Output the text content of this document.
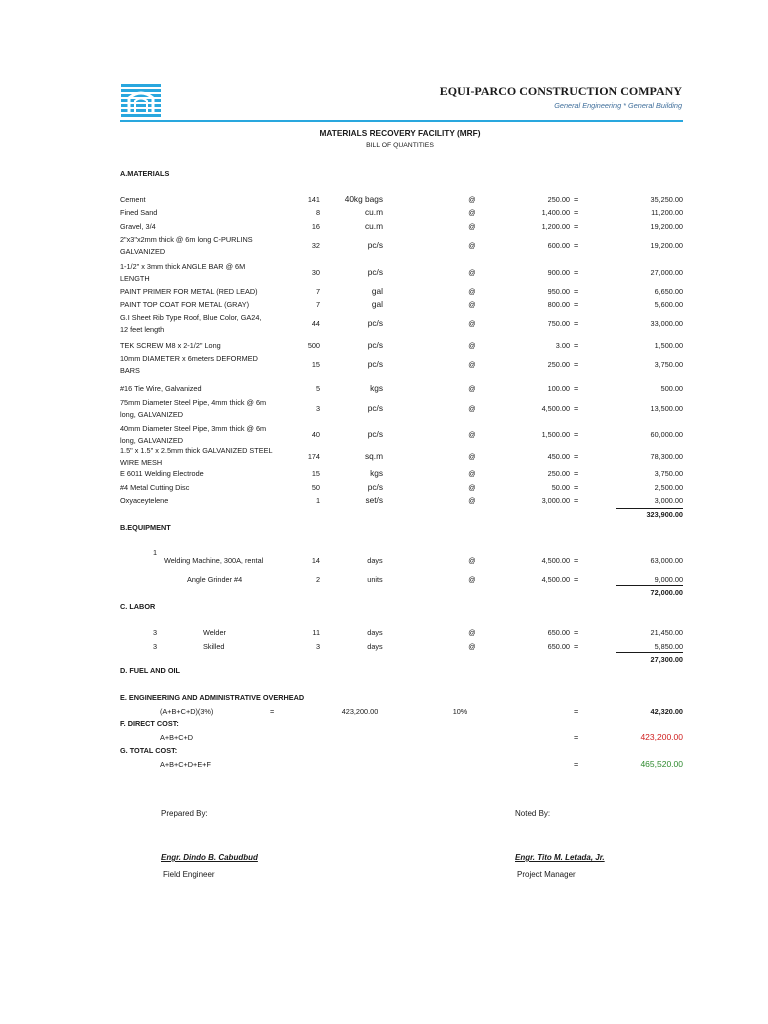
EQUI-PARCO CONSTRUCTION COMPANY
General Engineering * General Building
MATERIALS RECOVERY FACILITY (MRF)
BILL OF QUANTITIES
A.MATERIALS
Cement	141	40kg bags	@	250.00 =	35,250.00
Fined Sand	8	cu.m	@	1,400.00 =	11,200.00
Gravel, 3/4	16	cu.m	@	1,200.00 =	19,200.00
2"x3"x2mm thick @ 6m long C-PURLINS
GALVANIZED
32	pc/s	@	600.00 =	19,200.00
1-1/2" x 3mm thick ANGLE BAR @ 6M
LENGTH
30	pc/s	@	900.00 =	27,000.00
PAINT PRIMER FOR METAL (RED LEAD)	7	gal	@	950.00 =	6,650.00
PAINT TOP COAT FOR METAL (GRAY)	7	gal	@	800.00 =	5,600.00
G.I Sheet Rib Type Roof, Blue Color, GA24,
12 feet length
44	pc/s	@	750.00 =	33,000.00
TEK SCREW M8 x 2-1/2" Long	500	pc/s	@	3.00 =	1,500.00
10mm DIAMETER x 6meters DEFORMED
BARS
15	pc/s	@	250.00 =	3,750.00
#16 Tie Wire, Galvanized	5	kgs	@	100.00 =	500.00
75mm Diameter Steel Pipe, 4mm thick @ 6m
long, GALVANIZED
3	pc/s	@	4,500.00 =	13,500.00
40mm Diameter Steel Pipe, 3mm thick @ 6m
long, GALVANIZED
40	pc/s	@	1,500.00 =	60,000.00
1.5" x 1.5" x 2.5mm thick GALVANIZED STEEL
WIRE MESH
174	sq.m	@	450.00 =	78,300.00
E 6011 Welding Electrode	15	kgs	@	250.00 =	3,750.00
#4 Metal Cutting Disc	50	pc/s	@	50.00 =	2,500.00
Oxyaceytelene	1	set/s	@	3,000.00 =	3,000.00
323,900.00
B.EQUIPMENT
1
Welding Machine, 300A, rental	14	days	@	4,500.00 =	63,000.00
Angle Grinder #4	2	units	@	4,500.00 =	9,000.00
72,000.00
C. LABOR
3	Welder	11	days	@	650.00 =	21,450.00
3	Skilled	3	days	@	650.00 =	5,850.00
27,300.00
D. FUEL AND OIL
E. ENGINEERING AND ADMINISTRATIVE OVERHEAD
(A+B+C+D)(3%)	=	423,200.00	10%	=	42,320.00
F. DIRECT COST:
A+B+C+D	=	423,200.00
G. TOTAL COST:
A+B+C+D+E+F	=	465,520.00
Prepared By:	Noted By:
Engr. Dindo B. Cabudbud	Engr. Tito M. Letada, Jr.
Field Engineer	Project Manager
